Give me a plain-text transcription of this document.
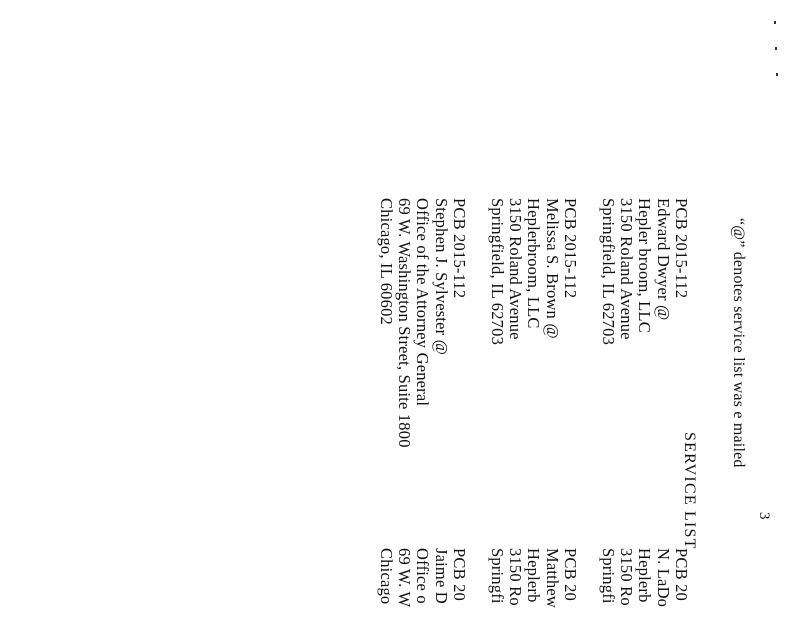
3
“@” denotes service list was e mailed
SERVICE LIST
PCB 2015-112
Edward Dwyer @
Hepler broom, LLC
3150 Roland Avenue
Springfield, IL 62703
PCB 20
N. LaDo
Heplerb
3150 Ro
Springfi
PCB 2015-112
Melissa S. Brown @
Heplerbroom, LLC
3150 Roland Avenue
Springfield, IL 62703
PCB 20
Matthew
Heplerb
3150 Ro
Springfi
PCB 2015-112
Stephen J. Sylvester @
Office of the Attorney General
69 W. Washington Street, Suite 1800
Chicago, IL 60602
PCB 20
Jaime D
Office o
69 W. W
Chicago
